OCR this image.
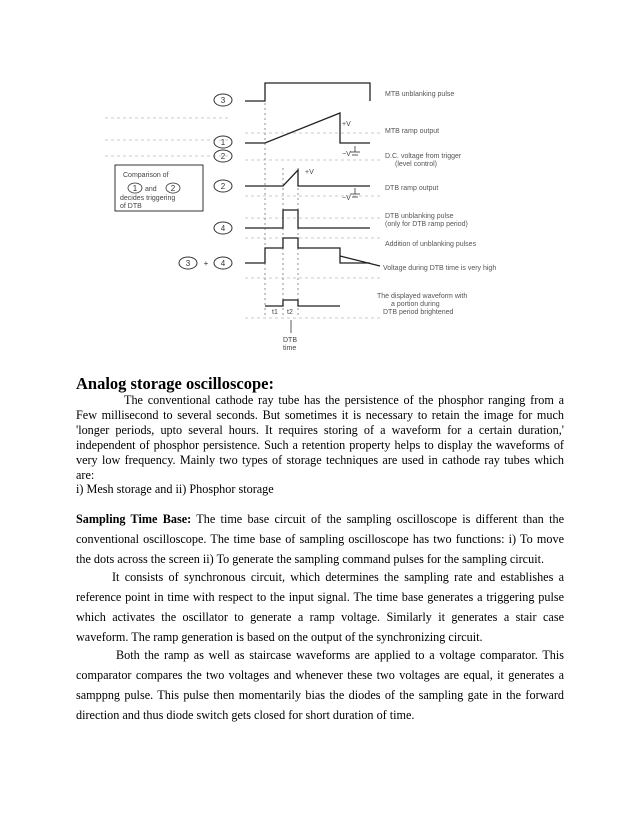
3
1
2
2
4
3	4
+
Comparison of
1 and 2
decides triggering
of DTB
+V
−V
+V
−V
MTB unblanking pulse
MTB ramp output
D.C. voltage from trigger
(level control)
DTB ramp output
DTB unblanking pulse
(only for DTB ramp period)
Addition of unblanking pulses
Voltage during DTB time is very high
The displayed waveform with
a portion during
DTB period brightened
t1 t2
DTB
time
Analog storage oscilloscope:

The conventional cathode ray tube has the persistence of the phosphor ranging from a Few millisecond to several seconds. But sometimes it is necessary to retain the image for much 'longer periods, upto several hours. It requires storing of a waveform for a certain duration,' independent of phosphor persistence. Such a retention property helps to display the waveforms of very low frequency. Mainly two types of storage techniques are used in cathode ray tubes which are:

i) Mesh storage and ii) Phosphor storage

Sampling Time Base: The time base circuit of the sampling oscilloscope is different than the conventional oscilloscope. The time base of sampling oscilloscope has two functions: i) To move the dots across the screen ii) To generate the sampling command pulses for the sampling circuit.

It consists of synchronous circuit, which determines the sampling rate and establishes a reference point in time with respect to the input signal. The time base generates a triggering pulse which activates the oscillator to generate a ramp voltage. Similarly it generates a stair case waveform. The ramp generation is based on the output of the synchronizing circuit.

Both the ramp as well as staircase waveforms are applied to a voltage comparator. This comparator compares the two voltages and whenever these two voltages are equal, it generates a samppng pulse. This pulse then momentarily bias the diodes of the sampling gate in the forward direction and thus diode switch gets closed for short duration of time.
